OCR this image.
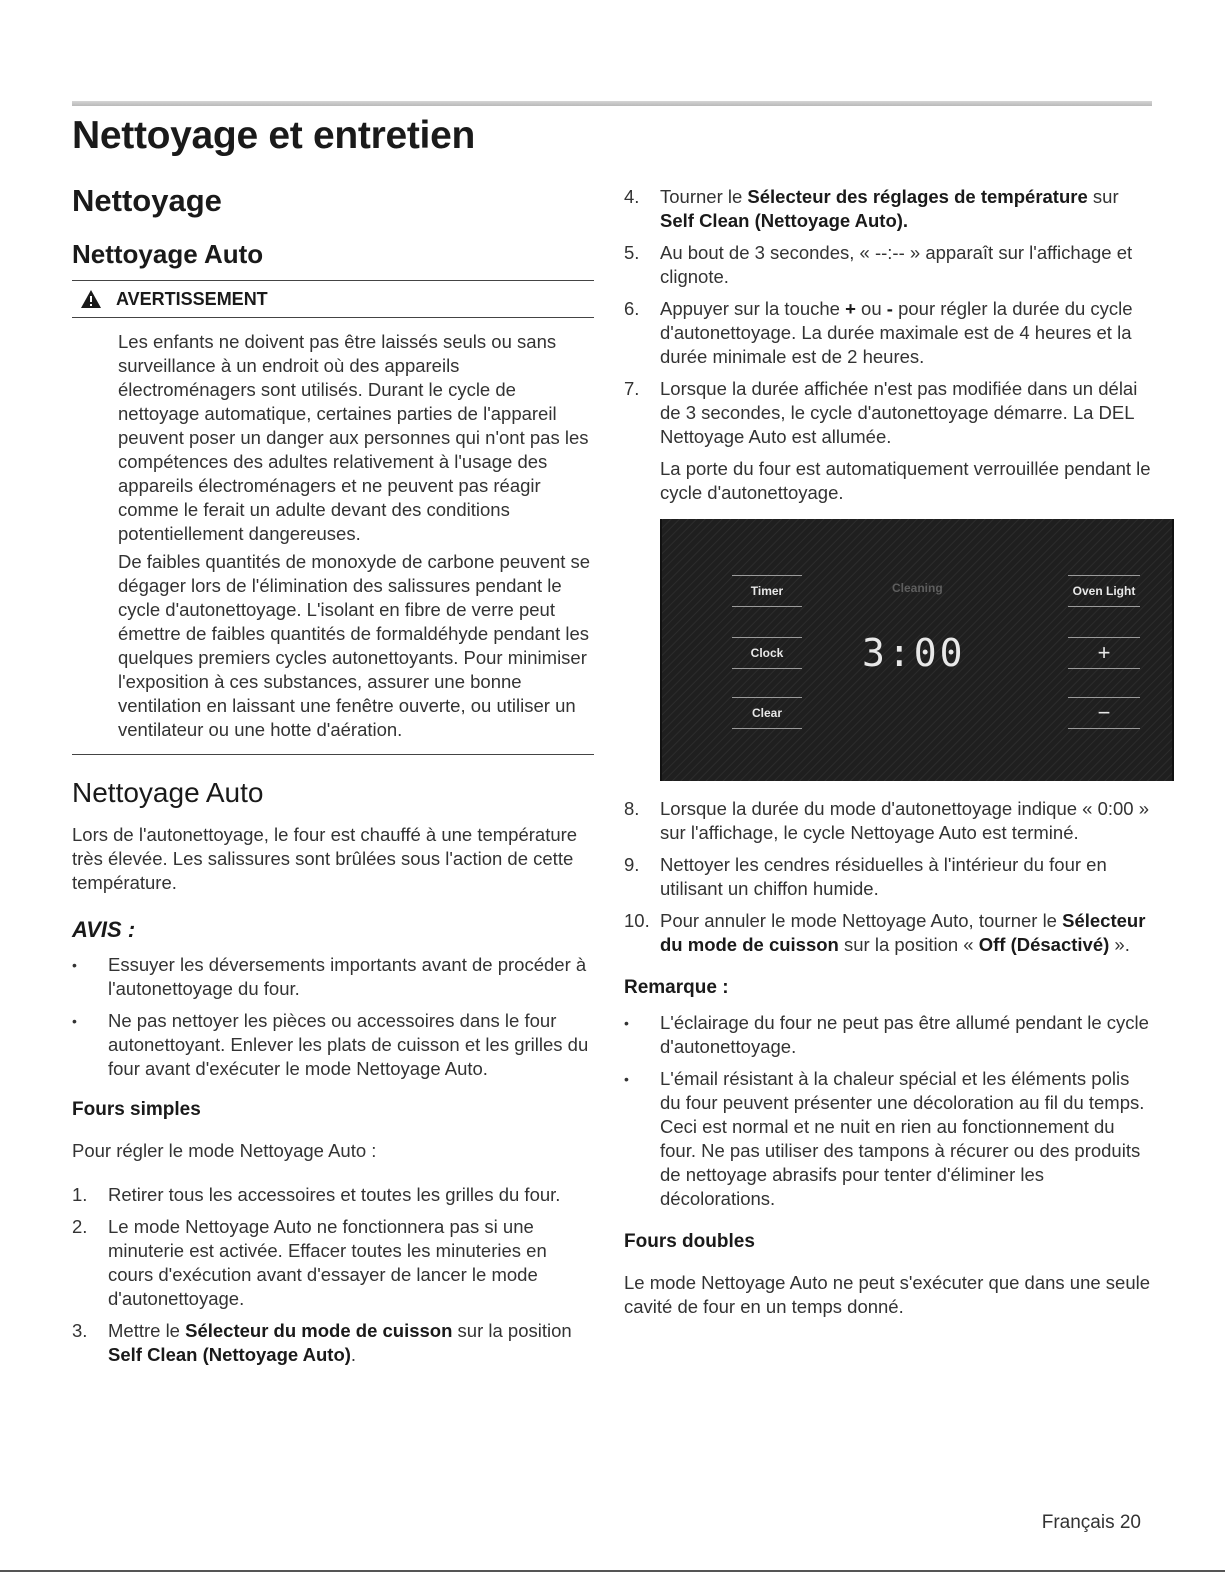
Nettoyage et entretien
Nettoyage
Nettoyage Auto
AVERTISSEMENT

Les enfants ne doivent pas être laissés seuls ou sans surveillance à un endroit où des appareils électroménagers sont utilisés. Durant le cycle de nettoyage automatique, certaines parties de l'appareil peuvent poser un danger aux personnes qui n'ont pas les compétences des adultes relativement à l'usage des appareils électroménagers et ne peuvent pas réagir comme le ferait un adulte devant des conditions potentiellement dangereuses.

De faibles quantités de monoxyde de carbone peuvent se dégager lors de l'élimination des salissures pendant le cycle d'autonettoyage. L'isolant en fibre de verre peut émettre de faibles quantités de formaldéhyde pendant les quelques premiers cycles autonettoyants. Pour minimiser l'exposition à ces substances, assurer une bonne ventilation en laissant une fenêtre ouverte, ou utiliser un ventilateur ou une hotte d'aération.

Nettoyage Auto

Lors de l'autonettoyage, le four est chauffé à une température très élevée. Les salissures sont brûlées sous l'action de cette température.

AVIS :
• Essuyer les déversements importants avant de procéder à l'autonettoyage du four.
• Ne pas nettoyer les pièces ou accessoires dans le four autonettoyant. Enlever les plats de cuisson et les grilles du four avant d'exécuter le mode Nettoyage Auto.
Fours simples

Pour régler le mode Nettoyage Auto :

1. Retirer tous les accessoires et toutes les grilles du four.

2. Le mode Nettoyage Auto ne fonctionnera pas si une minuterie est activée. Effacer toutes les minuteries en cours d'exécution avant d'essayer de lancer le mode d'autonettoyage.

3. Mettre le Sélecteur du mode de cuisson sur la position Self Clean (Nettoyage Auto).

4. Tourner le Sélecteur des réglages de température sur Self Clean (Nettoyage Auto).

5. Au bout de 3 secondes, « --:-- » apparaît sur l'affichage et clignote.

6. Appuyer sur la touche + ou - pour régler la durée du cycle d'autonettoyage. La durée maximale est de 4 heures et la durée minimale est de 2 heures.

7. Lorsque la durée affichée n'est pas modifiée dans un délai de 3 secondes, le cycle d'autonettoyage démarre. La DEL Nettoyage Auto est allumée.

La porte du four est automatiquement verrouillée pendant le cycle d'autonettoyage.

Timer
Clock
Clear
Cleaning
3:00
Oven Light
+
−
8. Lorsque la durée du mode d'autonettoyage indique « 0:00 » sur l'affichage, le cycle Nettoyage Auto est terminé.

9. Nettoyer les cendres résiduelles à l'intérieur du four en utilisant un chiffon humide.

10. Pour annuler le mode Nettoyage Auto, tourner le Sélecteur du mode de cuisson sur la position « Off (Désactivé) ».

Remarque :
• L'éclairage du four ne peut pas être allumé pendant le cycle d'autonettoyage.
• L'émail résistant à la chaleur spécial et les éléments polis du four peuvent présenter une décoloration au fil du temps. Ceci est normal et ne nuit en rien au fonctionnement du four. Ne pas utiliser des tampons à récurer ou des produits de nettoyage abrasifs pour tenter d'éliminer les décolorations.
Fours doubles

Le mode Nettoyage Auto ne peut s'exécuter que dans une seule cavité de four en un temps donné.

Français 20
